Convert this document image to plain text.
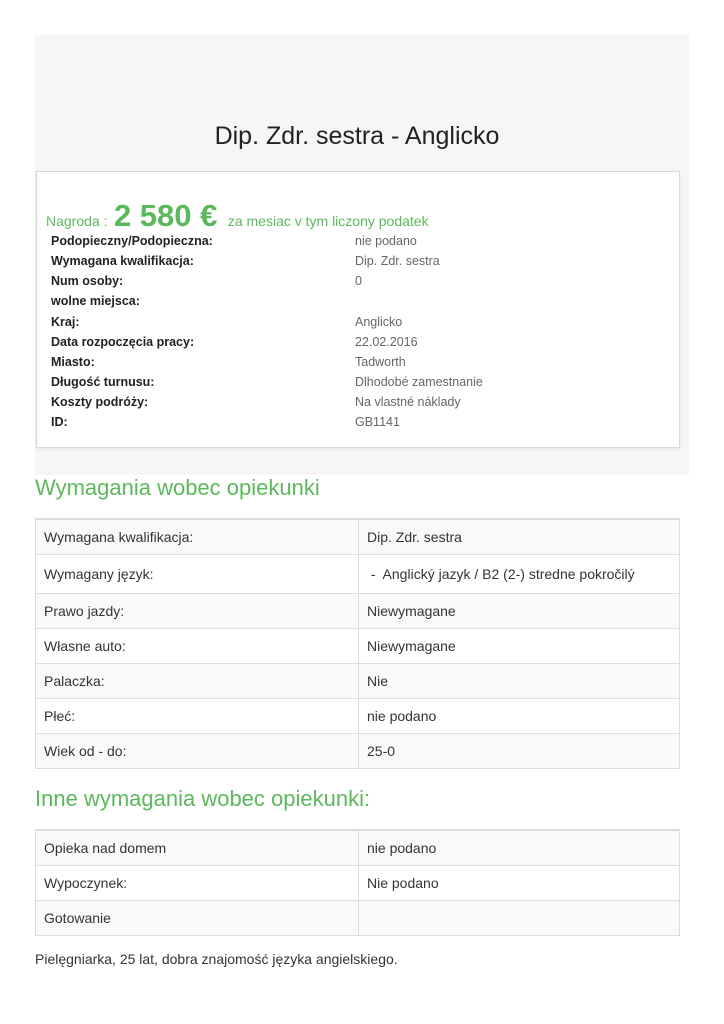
Dip. Zdr. sestra - Anglicko
Nagroda : 2 580 € za mesiac v tym liczony podatek
Podopieczny/Podopieczna:	nie podano
Wymagana kwalifikacja:	Dip. Zdr. sestra
Num osoby:	0
wolne miejsca:
Kraj:	Anglicko
Data rozpoczęcia pracy:	22.02.2016
Miasto:	Tadworth
Długość turnusu:	Dlhodobé zamestnanie
Koszty podróży:	Na vlastné náklady
ID:	GB1141
Wymagania wobec opiekunki
Wymagana kwalifikacja:	Dip. Zdr. sestra
Wymagany język:	-  Anglický jazyk / B2 (2-) stredne pokročilý
Prawo jazdy:	Niewymagane
Własne auto:	Niewymagane
Palaczka:	Nie
Płeć:	nie podano
Wiek od - do:	25-0
Inne wymagania wobec opiekunki:
Opieka nad domem	nie podano
Wypoczynek:	Nie podano
Gotowanie	

Pielęgniarka, 25 lat, dobra znajomość języka angielskiego.
